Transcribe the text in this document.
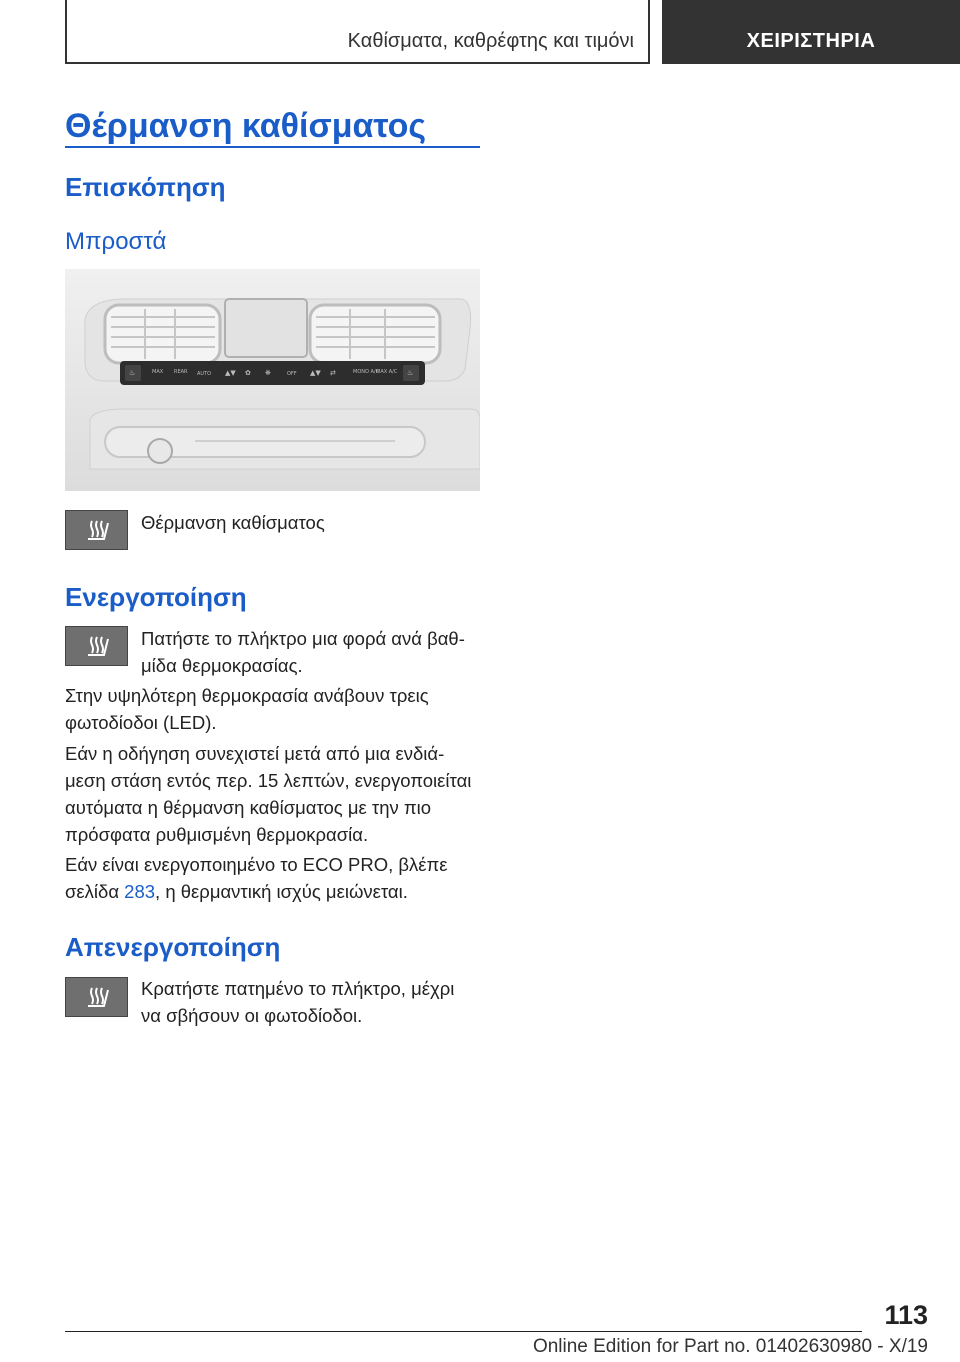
Καθίσματα, καθρέφτης και τιμόνι	ΧΕΙΡΙΣΤΗΡΙΑ
Θέρμανση καθίσματος
Επισκόπηση
Μπροστά
♨	MAX REAR AUTO ▲▼ ✿ ❋	OFF ▲▼ ⇄	MONO A/C
MAX A/C ♨
Θέρμανση καθίσματος
Ενεργοποίηση
Πατήστε το πλήκτρο μια φορά ανά βαθ-
μίδα θερμοκρασίας.
Στην υψηλότερη θερμοκρασία ανάβουν τρεις
φωτοδίοδοι (LED).
Εάν η οδήγηση συνεχιστεί μετά από μια ενδιά-
μεση στάση εντός περ. 15 λεπτών, ενεργοποιείται
αυτόματα η θέρμανση καθίσματος με την πιο
πρόσφατα ρυθμισμένη θερμοκρασία.
Εάν είναι ενεργοποιημένο το ECO PRO, βλέπε
σελίδα 283, η θερμαντική ισχύς μειώνεται.
Απενεργοποίηση
Κρατήστε πατημένο το πλήκτρο, μέχρι
να σβήσουν οι φωτοδίοδοι.
113
Online Edition for Part no. 01402630980 - X/19
